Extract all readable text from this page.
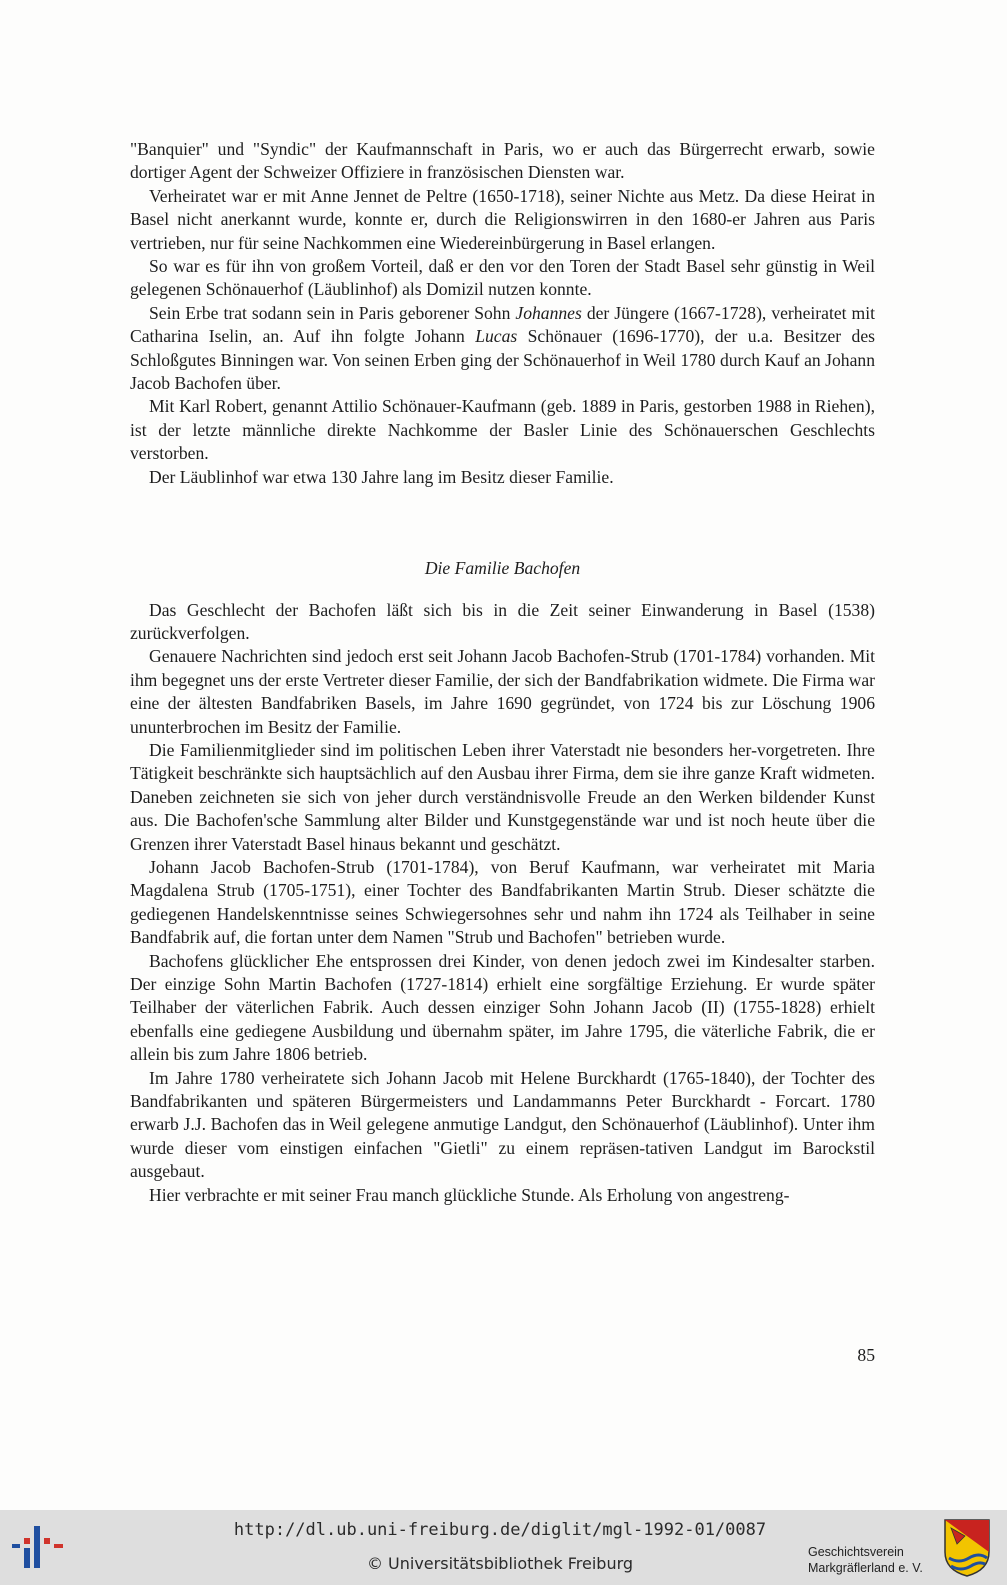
"Banquier" und "Syndic" der Kaufmannschaft in Paris, wo er auch das Bürgerrecht erwarb, sowie dortiger Agent der Schweizer Offiziere in französischen Diensten war.

Verheiratet war er mit Anne Jennet de Peltre (1650-1718), seiner Nichte aus Metz. Da diese Heirat in Basel nicht anerkannt wurde, konnte er, durch die Religionswirren in den 1680-er Jahren aus Paris vertrieben, nur für seine Nachkommen eine Wiedereinbürgerung in Basel erlangen.

So war es für ihn von großem Vorteil, daß er den vor den Toren der Stadt Basel sehr günstig in Weil gelegenen Schönauerhof (Läublinhof) als Domizil nutzen konnte.

Sein Erbe trat sodann sein in Paris geborener Sohn Johannes der Jüngere (1667-1728), verheiratet mit Catharina Iselin, an. Auf ihn folgte Johann Lucas Schönauer (1696-1770), der u.a. Besitzer des Schloßgutes Binningen war. Von seinen Erben ging der Schönauerhof in Weil 1780 durch Kauf an Johann Jacob Bachofen über.

Mit Karl Robert, genannt Attilio Schönauer-Kaufmann (geb. 1889 in Paris, gestorben 1988 in Riehen), ist der letzte männliche direkte Nachkomme der Basler Linie des Schönauerschen Geschlechts verstorben.

Der Läublinhof war etwa 130 Jahre lang im Besitz dieser Familie.

Die Familie Bachofen

Das Geschlecht der Bachofen läßt sich bis in die Zeit seiner Einwanderung in Basel (1538) zurückverfolgen.

Genauere Nachrichten sind jedoch erst seit Johann Jacob Bachofen-Strub (1701-1784) vorhanden. Mit ihm begegnet uns der erste Vertreter dieser Familie, der sich der Bandfabrikation widmete. Die Firma war eine der ältesten Bandfabriken Basels, im Jahre 1690 gegründet, von 1724 bis zur Löschung 1906 ununterbrochen im Besitz der Familie.

Die Familienmitglieder sind im politischen Leben ihrer Vaterstadt nie besonders her-vorgetreten. Ihre Tätigkeit beschränkte sich hauptsächlich auf den Ausbau ihrer Firma, dem sie ihre ganze Kraft widmeten. Daneben zeichneten sie sich von jeher durch verständnisvolle Freude an den Werken bildender Kunst aus. Die Bachofen'sche Sammlung alter Bilder und Kunstgegenstände war und ist noch heute über die Grenzen ihrer Vaterstadt Basel hinaus bekannt und geschätzt.

Johann Jacob Bachofen-Strub (1701-1784), von Beruf Kaufmann, war verheiratet mit Maria Magdalena Strub (1705-1751), einer Tochter des Bandfabrikanten Martin Strub. Dieser schätzte die gediegenen Handelskenntnisse seines Schwiegersohnes sehr und nahm ihn 1724 als Teilhaber in seine Bandfabrik auf, die fortan unter dem Namen "Strub und Bachofen" betrieben wurde.

Bachofens glücklicher Ehe entsprossen drei Kinder, von denen jedoch zwei im Kindesalter starben. Der einzige Sohn Martin Bachofen (1727-1814) erhielt eine sorgfältige Erziehung. Er wurde später Teilhaber der väterlichen Fabrik. Auch dessen einziger Sohn Johann Jacob (II) (1755-1828) erhielt ebenfalls eine gediegene Ausbildung und übernahm später, im Jahre 1795, die väterliche Fabrik, die er allein bis zum Jahre 1806 betrieb.

Im Jahre 1780 verheiratete sich Johann Jacob mit Helene Burckhardt (1765-1840), der Tochter des Bandfabrikanten und späteren Bürgermeisters und Landammanns Peter Burckhardt - Forcart. 1780 erwarb J.J. Bachofen das in Weil gelegene anmutige Landgut, den Schönauerhof (Läublinhof). Unter ihm wurde dieser vom einstigen einfachen "Gietli" zu einem repräsen-tativen Landgut im Barockstil ausgebaut.

Hier verbrachte er mit seiner Frau manch glückliche Stunde. Als Erholung von angestreng-

85
http://dl.ub.uni-freiburg.de/diglit/mgl-1992-01/0087
© Universitätsbibliothek Freiburg
Geschichtsverein
Markgräflerland e. V.
